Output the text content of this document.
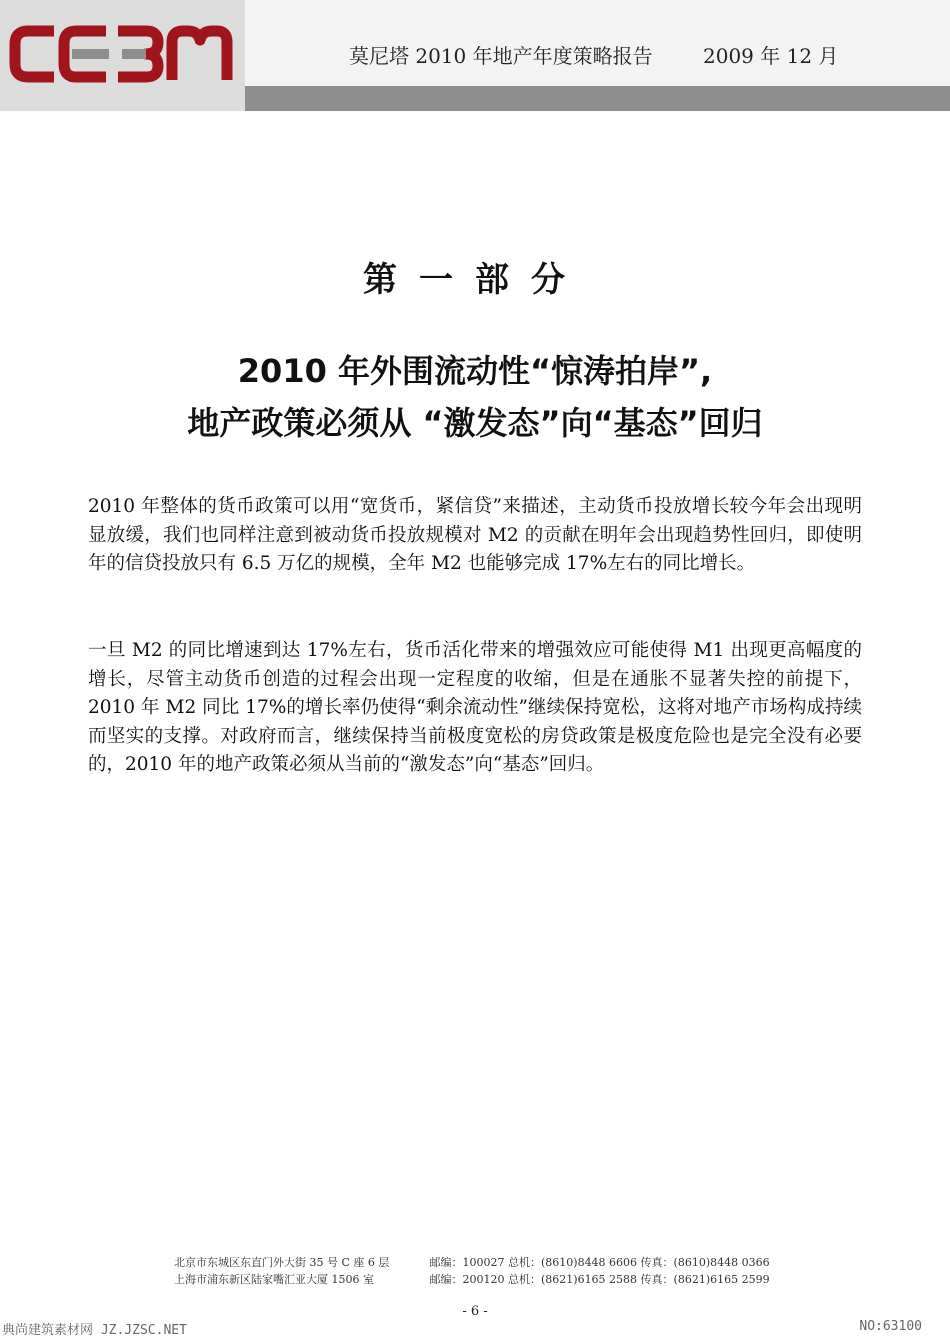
莫尼塔 2010 年地产年度策略报告	2009 年 12 月
第一部分
2010 年外围流动性“惊涛拍岸”,
地产政策必须从 “激发态”向“基态”回归

2010 年整体的货币政策可以用“宽货币，紧信贷”来描述，主动货币投放增长较今年会出现明显放缓，我们也同样注意到被动货币投放规模对 M2 的贡献在明年会出现趋势性回归，即使明年的信贷投放只有 6.5 万亿的规模，全年 M2 也能够完成 17%左右的同比增长。

一旦 M2 的同比增速到达 17%左右，货币活化带来的增强效应可能使得 M1 出现更高幅度的增长，尽管主动货币创造的过程会出现一定程度的收缩，但是在通胀不显著失控的前提下，2010 年 M2 同比 17%的增长率仍使得“剩余流动性”继续保持宽松，这将对地产市场构成持续而坚实的支撑。对政府而言，继续保持当前极度宽松的房贷政策是极度危险也是完全没有必要的，2010 年的地产政策必须从当前的“激发态”向“基态”回归。

北京市东城区东直门外大街 35 号 C 座 6 层	邮编：100027 总机：(8610)8448 6606 传真：(8610)8448 0366
上海市浦东新区陆家嘴汇亚大厦 1506 室	邮编：200120 总机：(8621)6165 2588 传真：(8621)6165 2599
- 6 -
典尚建筑素材网 JZ.JZSC.NET	NO:63100
